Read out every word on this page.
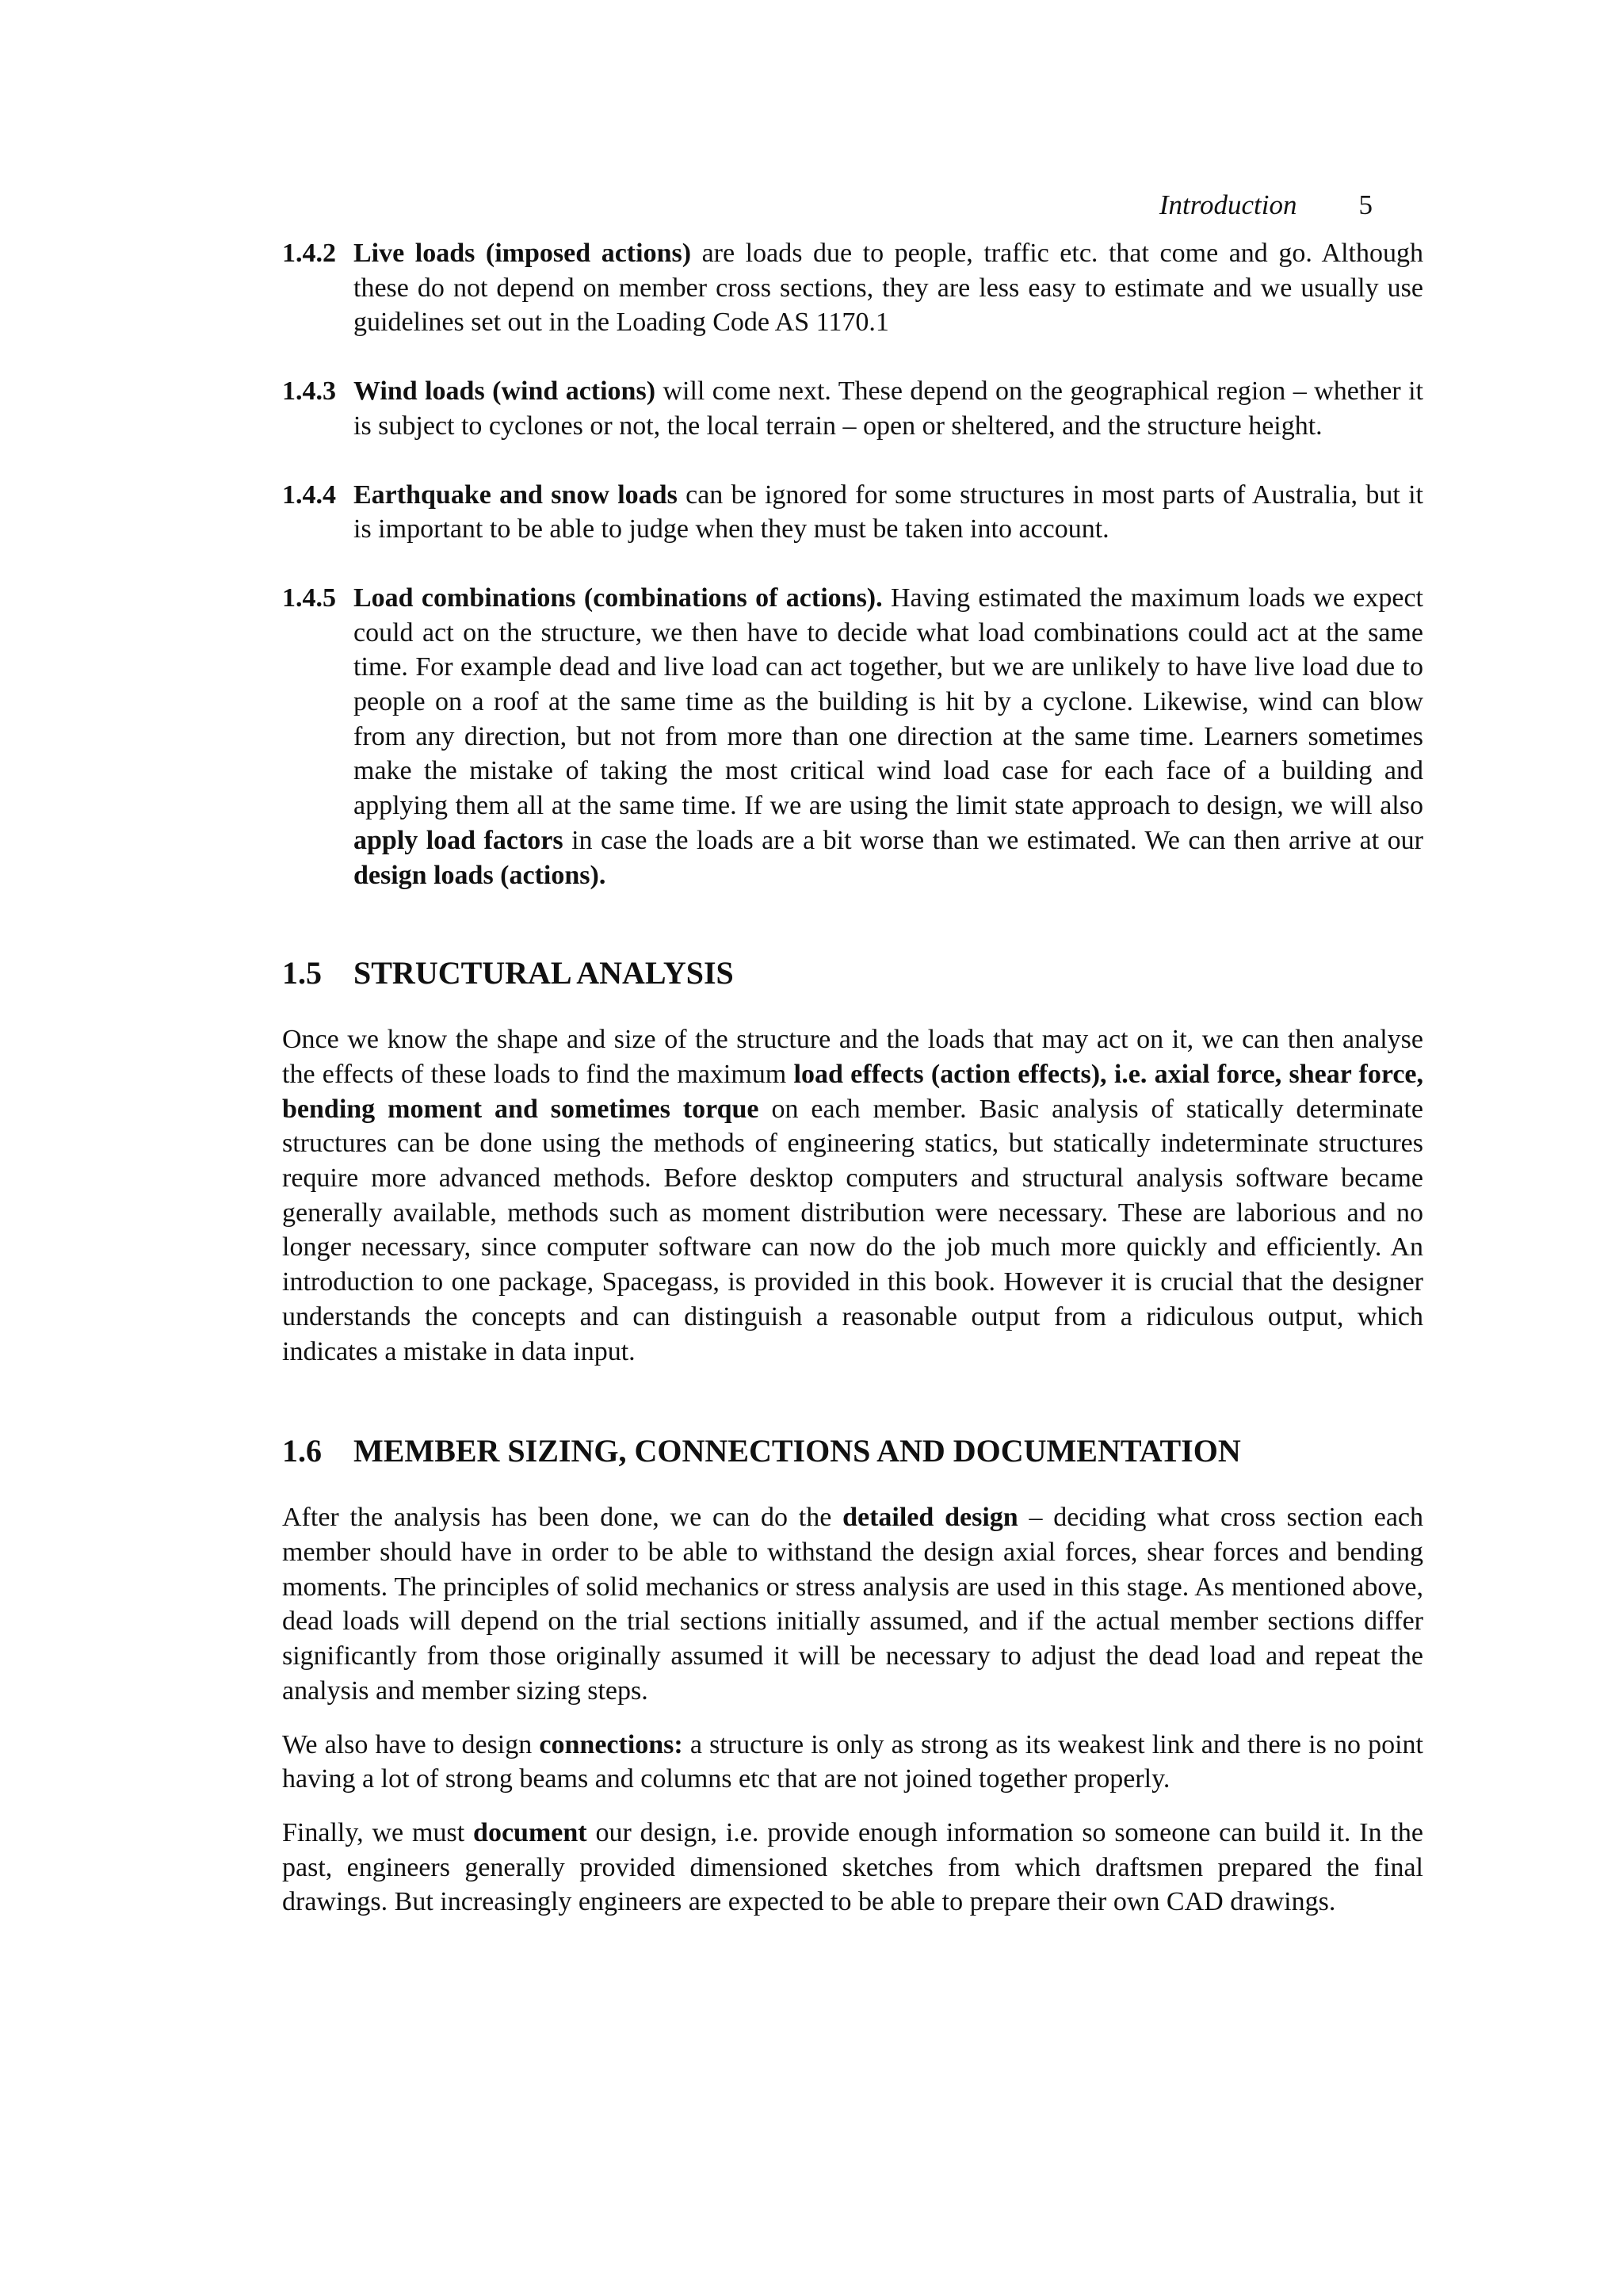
Introduction 5
1.4.2 Live loads (imposed actions) are loads due to people, traffic etc. that come and go. Although these do not depend on member cross sections, they are less easy to estimate and we usually use guidelines set out in the Loading Code AS 1170.1
1.4.3 Wind loads (wind actions) will come next. These depend on the geographical region – whether it is subject to cyclones or not, the local terrain – open or sheltered, and the structure height.
1.4.4 Earthquake and snow loads can be ignored for some structures in most parts of Australia, but it is important to be able to judge when they must be taken into account.
1.4.5 Load combinations (combinations of actions). Having estimated the maximum loads we expect could act on the structure, we then have to decide what load combinations could act at the same time. For example dead and live load can act together, but we are unlikely to have live load due to people on a roof at the same time as the building is hit by a cyclone. Likewise, wind can blow from any direction, but not from more than one direction at the same time. Learners sometimes make the mistake of taking the most critical wind load case for each face of a building and applying them all at the same time. If we are using the limit state approach to design, we will also apply load factors in case the loads are a bit worse than we estimated. We can then arrive at our design loads (actions).
1.5 STRUCTURAL ANALYSIS

Once we know the shape and size of the structure and the loads that may act on it, we can then analyse the effects of these loads to find the maximum load effects (action effects), i.e. axial force, shear force, bending moment and sometimes torque on each member. Basic analysis of statically determinate structures can be done using the methods of engineering statics, but statically indeterminate structures require more advanced methods. Before desktop computers and structural analysis software became generally available, methods such as moment distribution were necessary. These are laborious and no longer necessary, since computer software can now do the job much more quickly and efficiently. An introduction to one package, Spacegass, is provided in this book. However it is crucial that the designer understands the concepts and can distinguish a reasonable output from a ridiculous output, which indicates a mistake in data input.

1.6 MEMBER SIZING, CONNECTIONS AND DOCUMENTATION

After the analysis has been done, we can do the detailed design – deciding what cross section each member should have in order to be able to withstand the design axial forces, shear forces and bending moments. The principles of solid mechanics or stress analysis are used in this stage. As mentioned above, dead loads will depend on the trial sections initially assumed, and if the actual member sections differ significantly from those originally assumed it will be necessary to adjust the dead load and repeat the analysis and member sizing steps.

We also have to design connections: a structure is only as strong as its weakest link and there is no point having a lot of strong beams and columns etc that are not joined together properly.

Finally, we must document our design, i.e. provide enough information so someone can build it. In the past, engineers generally provided dimensioned sketches from which draftsmen prepared the final drawings. But increasingly engineers are expected to be able to prepare their own CAD drawings.
